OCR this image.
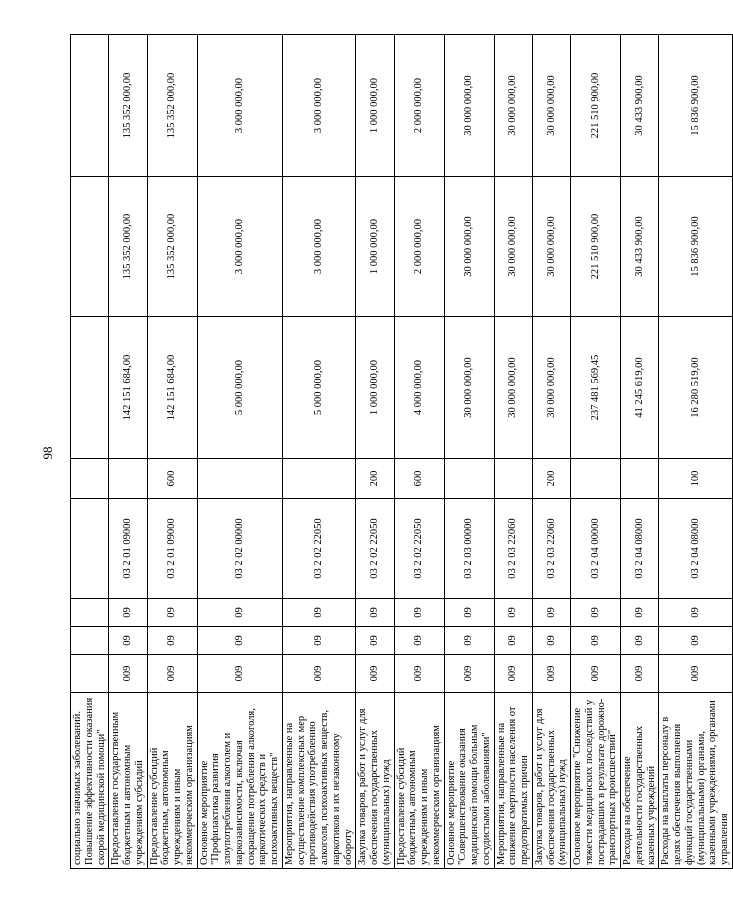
98
социально значимых заболеваний. Повышение эффективности оказания скорой медицинской помощи"								
Предоставление государственным бюджетным и автономным учреждениям субсидий	009	09	09	03 2 01 09000		142 151 684,00	135 352 000,00	135 352 000,00
Предоставление субсидий бюджетным, автономным учреждениям и иным некоммерческим организациям	009	09	09	03 2 01 09000	600	142 151 684,00	135 352 000,00	135 352 000,00
Основное мероприятие "Профилактика развития злоупотребления алкоголем и наркозависимости, включая сокращение потребления алкоголя, наркотических средств и психоактивных веществ"	009	09	09	03 2 02 00000		5 000 000,00	3 000 000,00	3 000 000,00
Мероприятия, направленные на осуществление комплексных мер противодействия употреблению алкоголя, психоактивных веществ, наркотиков и их незаконному обороту	009	09	09	03 2 02 22050		5 000 000,00	3 000 000,00	3 000 000,00
Закупка товаров, работ и услуг для обеспечения государственных (муниципальных) нужд	009	09	09	03 2 02 22050	200	1 000 000,00	1 000 000,00	1 000 000,00
Предоставление субсидий бюджетным, автономным учреждениям и иным некоммерческим организациям	009	09	09	03 2 02 22050	600	4 000 000,00	2 000 000,00	2 000 000,00
Основное мероприятие "Совершенствование оказания медицинской помощи больным сосудистыми заболеваниями"	009	09	09	03 2 03 00000		30 000 000,00	30 000 000,00	30 000 000,00
Мероприятия, направленные на снижение смертности населения от предотвратимых причин	009	09	09	03 2 03 22060		30 000 000,00	30 000 000,00	30 000 000,00
Закупка товаров, работ и услуг для обеспечения государственных (муниципальных) нужд	009	09	09	03 2 03 22060	200	30 000 000,00	30 000 000,00	30 000 000,00
Основное мероприятие "Снижение тяжести медицинских последствий у пострадавших в результате дорожно-транспортных происшествий"	009	09	09	03 2 04 00000		237 481 569,45	221 510 900,00	221 510 900,00
Расходы на обеспечение деятельности государственных казенных учреждений	009	09	09	03 2 04 08000		41 245 619,00	30 433 900,00	30 433 900,00
Расходы на выплаты персоналу в целях обеспечения выполнения функций государственными (муниципальными) органами, казенными учреждениями, органами управления	009	09	09	03 2 04 08000	100	16 280 519,00	15 836 900,00	15 836 900,00
